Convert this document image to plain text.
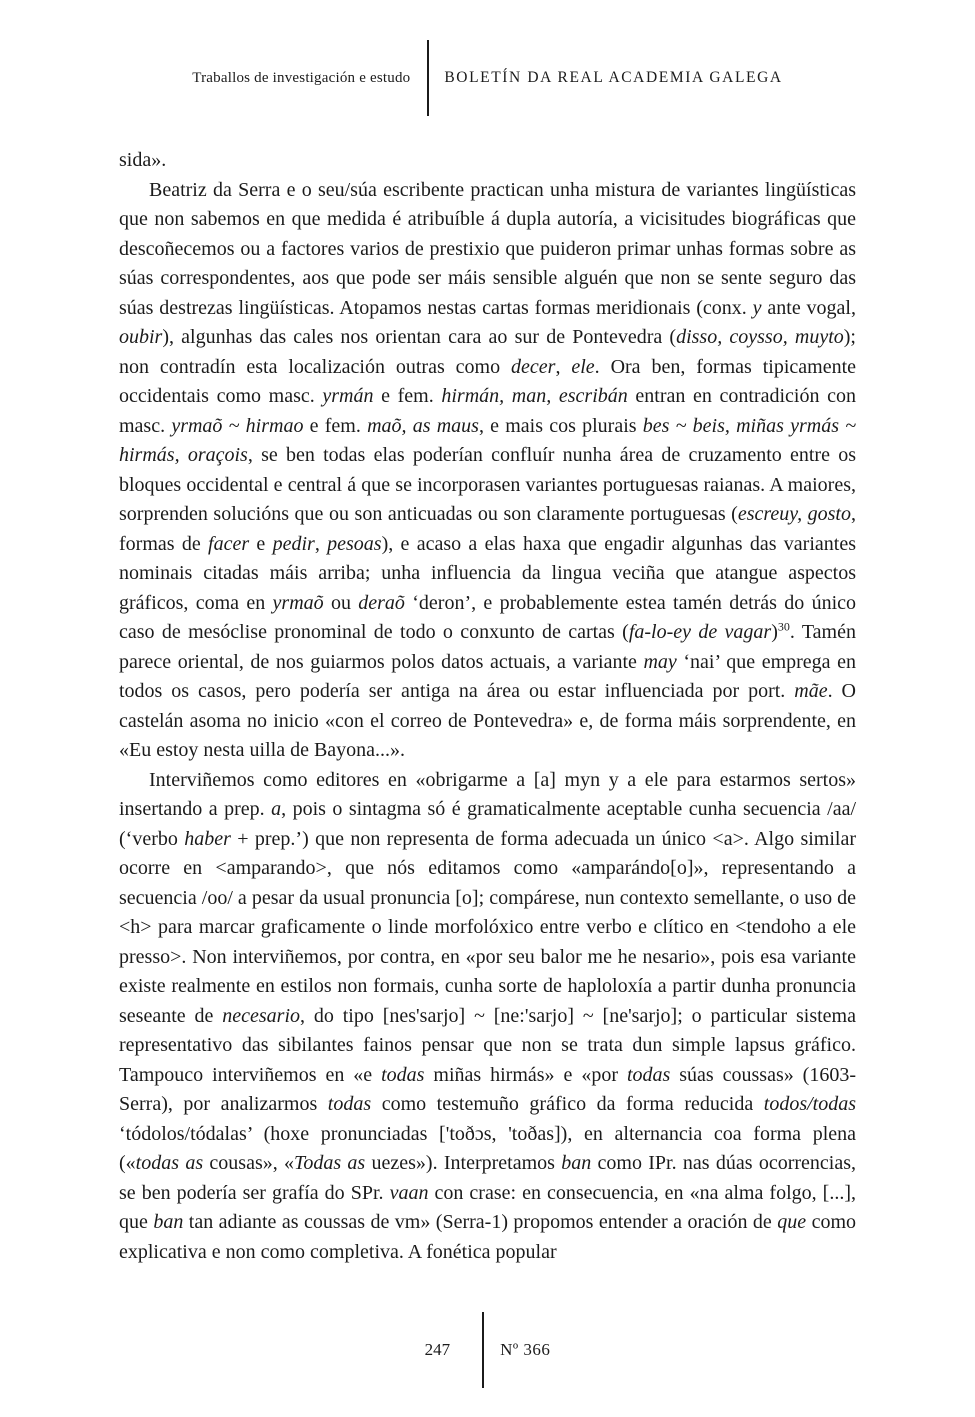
Traballos de investigación e estudo BOLETÍN DA REAL ACADEMIA GALEGA

sida».

Beatriz da Serra e o seu/súa escribente practican unha mistura de variantes lingüísticas que non sabemos en que medida é atribuíble á dupla autoría, a vicisitudes biográficas que descoñecemos ou a factores varios de prestixio que puideron primar unhas formas sobre as súas correspondentes, aos que pode ser máis sensible alguén que non se sente seguro das súas destrezas lingüísticas. Atopamos nestas cartas formas meridionais (conx. y ante vogal, oubir), algunhas das cales nos orientan cara ao sur de Pontevedra (disso, coysso, muyto); non contradín esta localización outras como decer, ele. Ora ben, formas tipicamente occidentais como masc. yrmán e fem. hirmán, man, escribán entran en contradición con masc. yrmaõ ~ hirmao e fem. maõ, as maus, e mais cos plurais bes ~ beis, miñas yrmás ~ hirmás, oraçois, se ben todas elas poderían confluír nunha área de cruzamento entre os bloques occidental e central á que se incorporasen variantes portuguesas raianas. A maiores, sorprenden solucións que ou son anticuadas ou son claramente portuguesas (escreuy, gosto, formas de facer e pedir, pesoas), e acaso a elas haxa que engadir algunhas das variantes nominais citadas máis arriba; unha influencia da lingua veciña que atangue aspectos gráficos, coma en yrmaõ ou deraõ ‘deron’, e probablemente estea tamén detrás do único caso de mesóclise pronominal de todo o conxunto de cartas (fa-lo-ey de vagar)$^{30}$. Tamén parece oriental, de nos guiarmos polos datos actuais, a variante may ‘nai’ que emprega en todos os casos, pero podería ser antiga na área ou estar influenciada por port. mãe. O castelán asoma no inicio «con el correo de Pontevedra» e, de forma máis sorprendente, en «Eu estoy nesta uilla de Bayona...».

Interviñemos como editores en «obrigarme a [a] myn y a ele para estarmos sertos» insertando a prep. a, pois o sintagma só é gramaticalmente aceptable cunha secuencia /aa/ (‘verbo haber + prep.’) que non representa de forma adecuada un único <a>. Algo similar ocorre en <amparando>, que nós editamos como «amparándo[o]», representando a secuencia /oo/ a pesar da usual pronuncia [o]; compárese, nun contexto semellante, o uso de <h> para marcar graficamente o linde morfolóxico entre verbo e clítico en <tendoho a ele presso>. Non interviñemos, por contra, en «por seu balor me he nesario», pois esa variante existe realmente en estilos non formais, cunha sorte de haploloxía a partir dunha pronuncia seseante de necesario, do tipo [nes'sarjo] ~ [ne:'sarjo] ~ [ne'sarjo]; o particular sistema representativo das sibilantes fainos pensar que non se trata dun simple lapsus gráfico. Tampouco interviñemos en «e todas miñas hirmás» e «por todas súas coussas» (1603-Serra), por analizarmos todas como testemuño gráfico da forma reducida todos/todas ‘tódolos/tódalas’ (hoxe pronunciadas ['toðɔs, 'toðas]), en alternancia coa forma plena («todas as cousas», «Todas as uezes»). Interpretamos ban como IPr. nas dúas ocorrencias, se ben podería ser grafía do SPr. vaan con crase: en consecuencia, en «na alma folgo, [...], que ban tan adiante as coussas de vm» (Serra-1) propomos entender a oración de que como explicativa e non como completiva. A fonética popular

247	Nº 366
